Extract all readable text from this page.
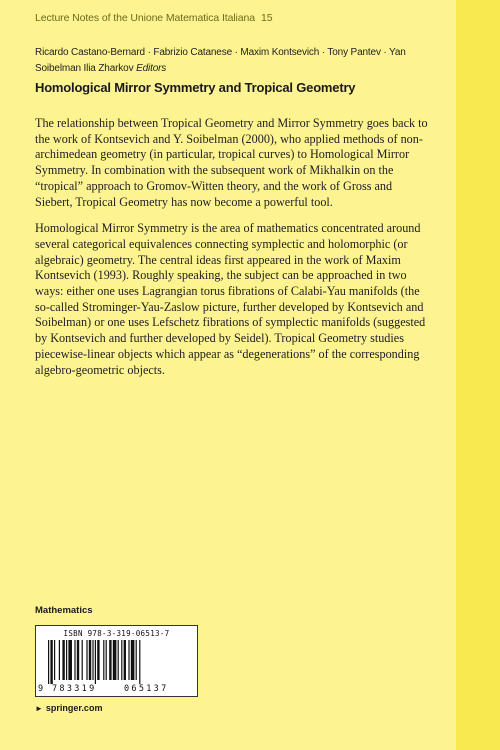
Lecture Notes of the Unione Matematica Italiana 15
Ricardo Castano-Bernard · Fabrizio Catanese · Maxim Kontsevich · Tony Pantev · Yan Soibelman Ilia Zharkov Editors
Homological Mirror Symmetry and Tropical Geometry

The relationship between Tropical Geometry and Mirror Symmetry goes back to the work of Kontsevich and Y. Soibelman (2000), who applied methods of non-archimedean geometry (in particular, tropical curves) to Homological Mirror Symmetry. In combination with the subsequent work of Mikhalkin on the “tropical” approach to Gromov-Witten theory, and the work of Gross and Siebert, Tropical Geometry has now become a powerful tool.

Homological Mirror Symmetry is the area of mathematics concentrated around several categorical equivalences connecting symplectic and holomorphic (or algebraic) geometry. The central ideas first appeared in the work of Maxim Kontsevich (1993). Roughly speaking, the subject can be approached in two ways: either one uses Lagrangian torus fibrations of Calabi-Yau manifolds (the so-called Strominger-Yau-Zaslow picture, further developed by Kontsevich and Soibelman) or one uses Lefschetz fibrations of symplectic manifolds (suggested by Kontsevich and further developed by Seidel). Tropical Geometry studies piecewise-linear objects which appear as “degenerations” of the corresponding algebro-geometric objects.

Mathematics
ISBN 978-3-319-06513-7
9 783319	065137
► springer.com
